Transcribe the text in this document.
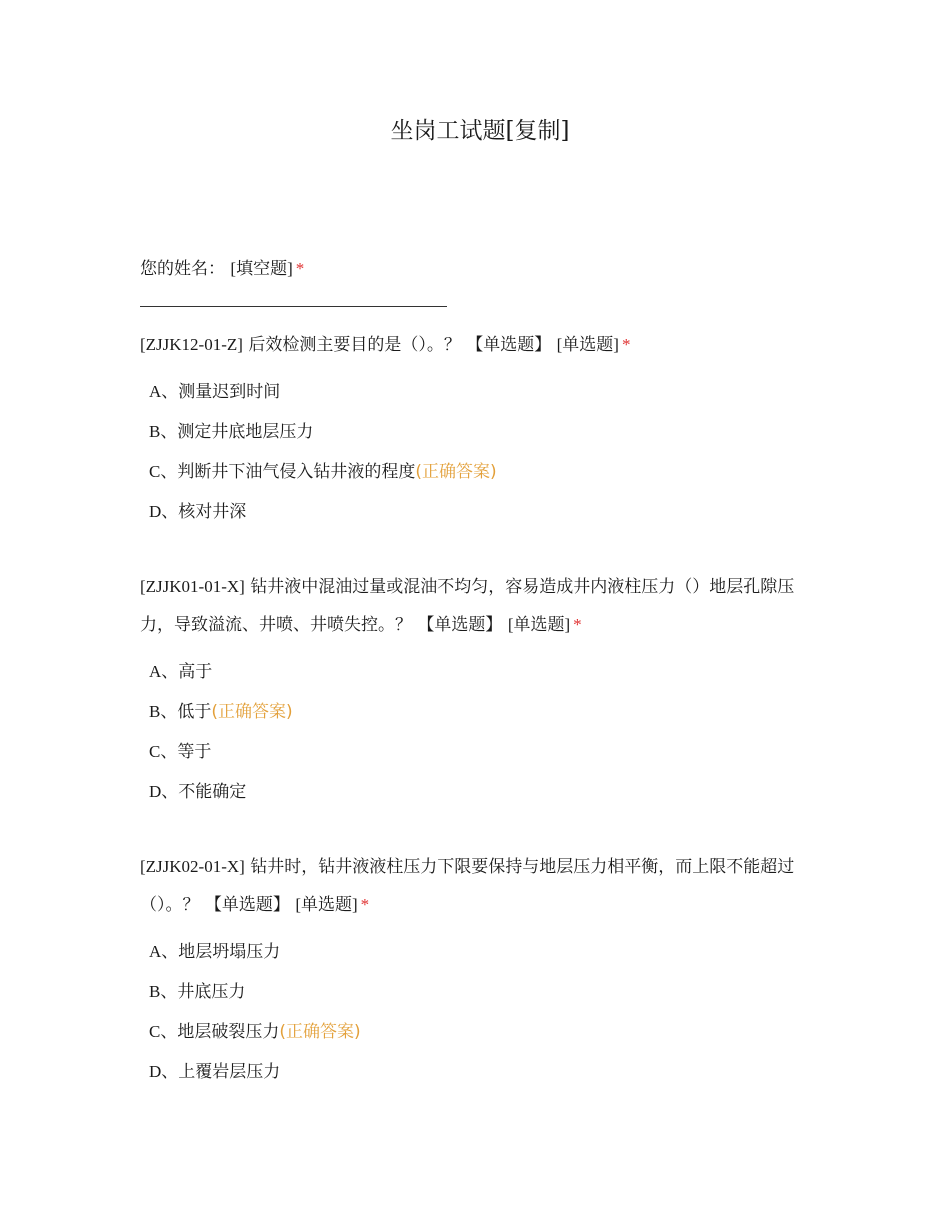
坐岗工试题[复制]
您的姓名： [填空题] *
[ZJJK12-01-Z] 后效检测主要目的是（）。？ 【单选题】 [单选题] *
A、测量迟到时间
B、测定井底地层压力
C、判断井下油气侵入钻井液的程度(正确答案)
D、核对井深
[ZJJK01-01-X] 钻井液中混油过量或混油不均匀，容易造成井内液柱压力（）地层孔隙压力，导致溢流、井喷、井喷失控。？ 【单选题】 [单选题] *
A、高于
B、低于(正确答案)
C、等于
D、不能确定
[ZJJK02-01-X] 钻井时，钻井液液柱压力下限要保持与地层压力相平衡，而上限不能超过（）。？ 【单选题】 [单选题] *
A、地层坍塌压力
B、井底压力
C、地层破裂压力(正确答案)
D、上覆岩层压力
